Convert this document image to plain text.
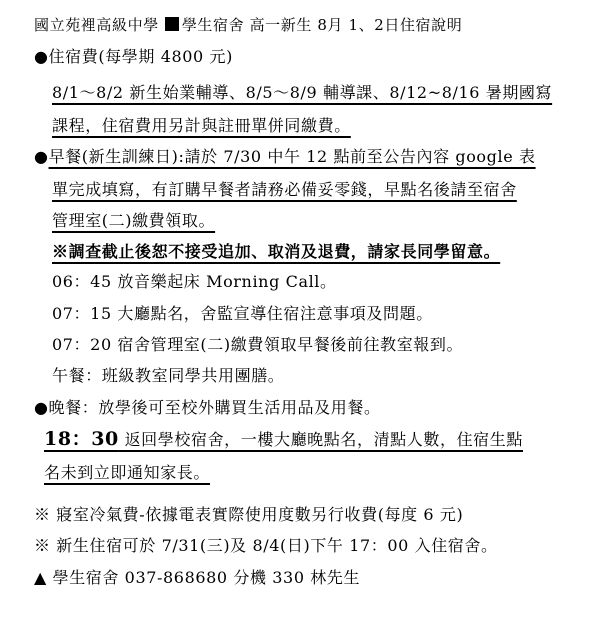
國立苑裡高級中學 學生宿舍 高一新生 8月 1、2日住宿說明
●住宿費(每學期 4800 元)
8/1～8/2 新生始業輔導、8/5～8/9 輔導課、8/12~8/16 暑期國寫
課程，住宿費用另計與註冊單併同繳費。
●早餐(新生訓練日):請於 7/30 中午 12 點前至公告內容 google 表
單完成填寫，有訂購早餐者請務必備妥零錢，早點名後請至宿舍
管理室(二)繳費領取。
※調查截止後恕不接受追加、取消及退費，請家長同學留意。
06：45 放音樂起床 Morning Call。
07：15 大廳點名，舍監宣導住宿注意事項及問題。
07：20 宿舍管理室(二)繳費領取早餐後前往教室報到。
午餐：班級教室同學共用團膳。
●晚餐：放學後可至校外購買生活用品及用餐。
18：30 返回學校宿舍，一樓大廳晚點名，清點人數，住宿生點
名未到立即通知家長。
※ 寢室冷氣費-依據電表實際使用度數另行收費(每度 6 元)
※ 新生住宿可於 7/31(三)及 8/4(日)下午 17：00 入住宿舍。
▲ 學生宿舍 037-868680 分機 330 林先生
